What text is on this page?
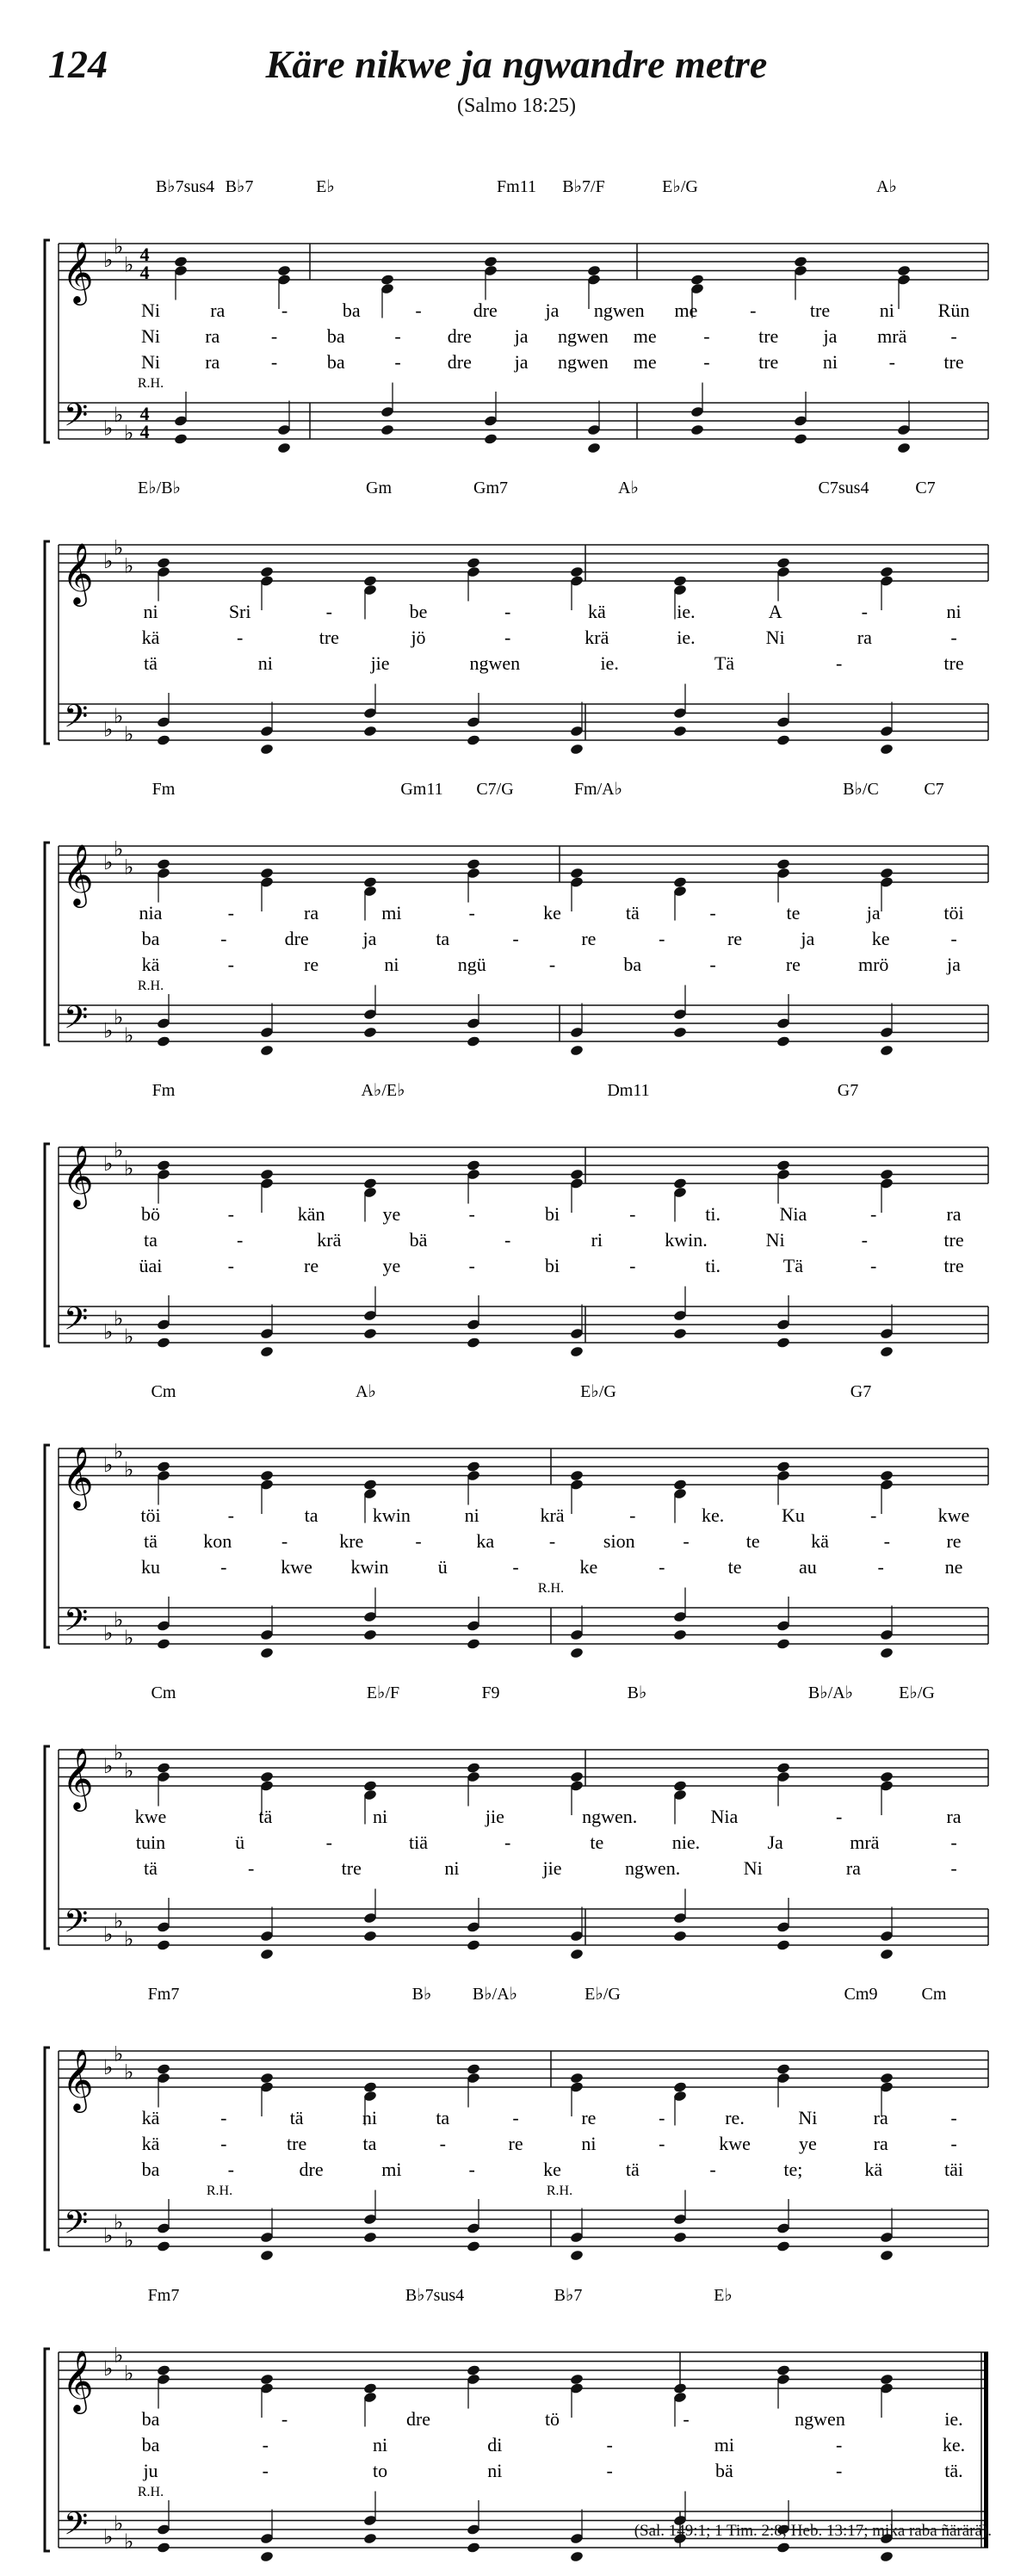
124	Käre nikwe ja ngwandre metre
(Salmo 18:25)
B♭7sus4 B♭7	E♭	Fm11 B♭7/F	E♭/G	A♭
𝄞
𝄢
♭
♭
♭
♭
♭
♭
4
4
4
4
Ni	ra	-	ba	-	dre	ja ngwen me	-	tre	ni Rün
Ni ra	-	ba	- dre ja ngwen me -	tre ja mrä -
Ni ra	-	ba	- dre ja ngwen me -	tre ni	-	tre
R.H.
E♭/B♭	Gm	Gm7	A♭	C7sus4	C7
𝄞
𝄢
♭
♭
♭
♭
♭
♭
ni	Sri	-	be	-	kä	ie.	A	-	ni
kä	-	tre	jö	-	krä	ie.	Ni	ra	-
tä	ni	jie	ngwen	ie.	Tä	-	tre
Fm	Gm11 C7/G	Fm/A♭	B♭/C	C7
𝄞
𝄢
♭
♭
♭
♭
♭
♭
nia	-	ra	mi	-	ke	tä	-	te	ja	töi
ba	-	dre	ja	ta	-	re	-	re	ja	ke	-
kä	-	re	ni	ngü	-	ba	-	re	mrö	ja
R.H.
Fm	A♭/E♭	Dm11	G7
𝄞
𝄢
♭
♭
♭
♭
♭
♭
bö	-	kän	ye	-	bi	-	ti.	Nia	-	ra
ta	-	krä	bä	-	ri	kwin.	Ni	-	tre
üai	-	re	ye	-	bi	-	ti.	Tä	-	tre
Cm	A♭	E♭/G	G7
𝄞
𝄢
♭
♭
♭
♭
♭
♭
töi	-	ta	kwin	ni	krä	-	ke.	Ku	-	kwe
tä kon	-	kre	-	ka	-	sion	-	te	kä	-	re
ku	-	kwe kwin	ü	-	ke	-	te	au	-	ne
R.H.
Cm	E♭/F	F9	B♭	B♭/A♭	E♭/G
𝄞
𝄢
♭
♭
♭
♭
♭
♭
kwe	tä	ni	jie	ngwen.	Nia	-	ra
tuin	ü	-	tiä	-	te	nie.	Ja	mrä	-
tä	-	tre	ni	jie	ngwen.	Ni	ra	-
Fm7	B♭ B♭/A♭	E♭/G	Cm9	Cm
𝄞
𝄢
♭
♭
♭
♭
♭
♭
kä	-	tä	ni	ta	-	re	-	re.	Ni	ra	-
kä	-	tre	ta	-	re	ni	-	kwe	ye	ra	-
ba	-	dre	mi	-	ke	tä	-	te;	kä	täi
R.H.	R.H.
Fm7	B♭7sus4	B♭7	E♭
𝄞
𝄢
♭
♭
♭
♭
♭
♭
ba	-	dre	tö	-	ngwen	ie.
ba	-	ni	di	-	mi	-	ke.
ju	-	to	ni	-	bä	-	tä.
R.H.
(Sal. 149:1; 1 Tim. 2:8; Heb. 13:17; mika raba ñärärä).
